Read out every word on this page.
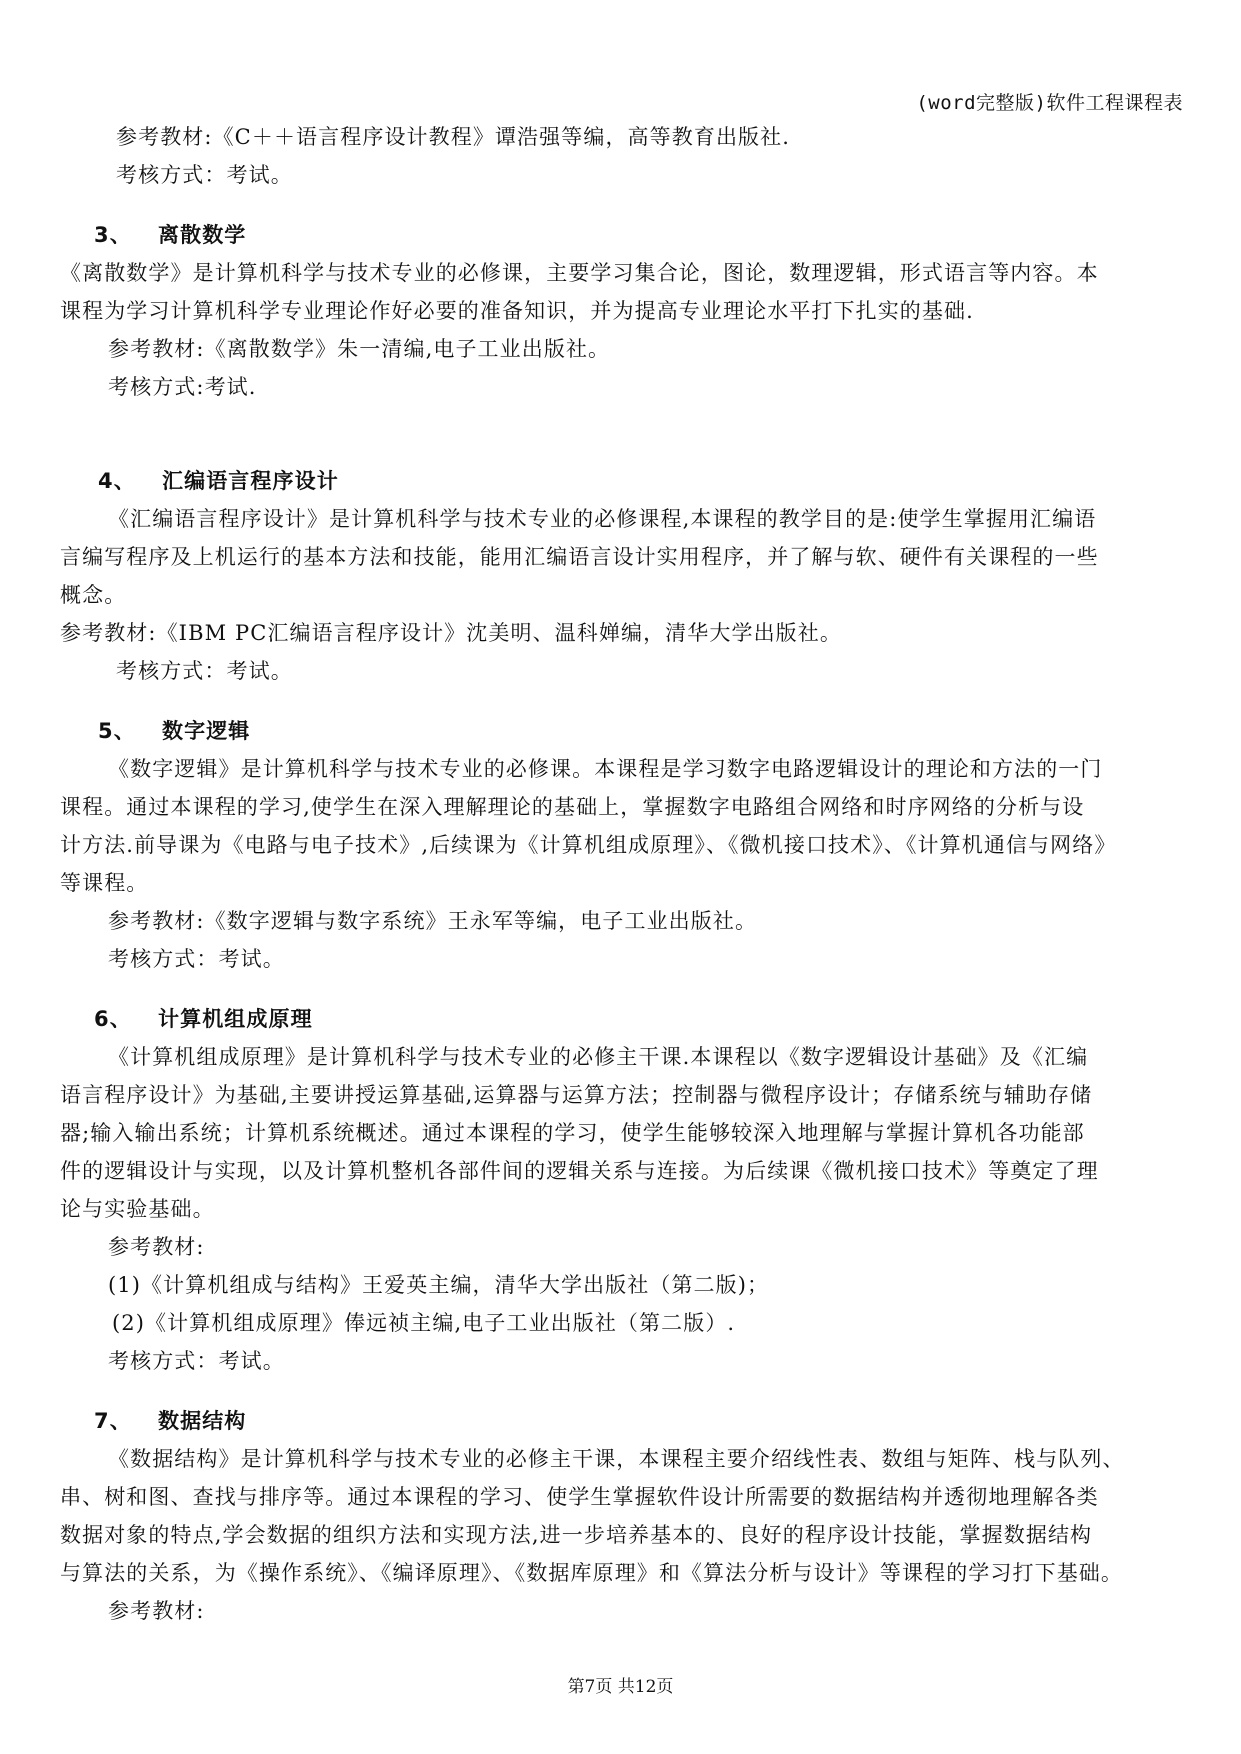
(word完整版)软件工程课程表
参考教材:《C＋＋语言程序设计教程》谭浩强等编，高等教育出版社.
考核方式：考试。
3、 离散数学
《离散数学》是计算机科学与技术专业的必修课，主要学习集合论，图论，数理逻辑，形式语言等内容。本
课程为学习计算机科学专业理论作好必要的准备知识，并为提高专业理论水平打下扎实的基础.
参考教材:《离散数学》朱一清编,电子工业出版社。
考核方式:考试.
4、 汇编语言程序设计
《汇编语言程序设计》是计算机科学与技术专业的必修课程,本课程的教学目的是:使学生掌握用汇编语
言编写程序及上机运行的基本方法和技能，能用汇编语言设计实用程序，并了解与软、硬件有关课程的一些
概念。
参考教材:《IBM PC汇编语言程序设计》沈美明、温科婵编，清华大学出版社。
考核方式：考试。
5、 数字逻辑
《数字逻辑》是计算机科学与技术专业的必修课。本课程是学习数字电路逻辑设计的理论和方法的一门
课程。通过本课程的学习,使学生在深入理解理论的基础上，掌握数字电路组合网络和时序网络的分析与设
计方法.前导课为《电路与电子技术》,后续课为《计算机组成原理》、《微机接口技术》、《计算机通信与网络》
等课程。
参考教材:《数字逻辑与数字系统》王永军等编，电子工业出版社。
考核方式：考试。
6、 计算机组成原理
《计算机组成原理》是计算机科学与技术专业的必修主干课.本课程以《数字逻辑设计基础》及《汇编
语言程序设计》为基础,主要讲授运算基础,运算器与运算方法；控制器与微程序设计；存储系统与辅助存储
器;输入输出系统；计算机系统概述。通过本课程的学习，使学生能够较深入地理解与掌握计算机各功能部
件的逻辑设计与实现，以及计算机整机各部件间的逻辑关系与连接。为后续课《微机接口技术》等奠定了理
论与实验基础。
参考教材:
(1)《计算机组成与结构》王爱英主编，清华大学出版社（第二版)；
(2)《计算机组成原理》俸远祯主编,电子工业出版社（第二版）.
考核方式：考试。
7、 数据结构
《数据结构》是计算机科学与技术专业的必修主干课，本课程主要介绍线性表、数组与矩阵、栈与队列、
串、树和图、查找与排序等。通过本课程的学习、使学生掌握软件设计所需要的数据结构并透彻地理解各类
数据对象的特点,学会数据的组织方法和实现方法,进一步培养基本的、良好的程序设计技能，掌握数据结构
与算法的关系，为《操作系统》、《编译原理》、《数据库原理》和《算法分析与设计》等课程的学习打下基础。
参考教材:
第7页 共12页
